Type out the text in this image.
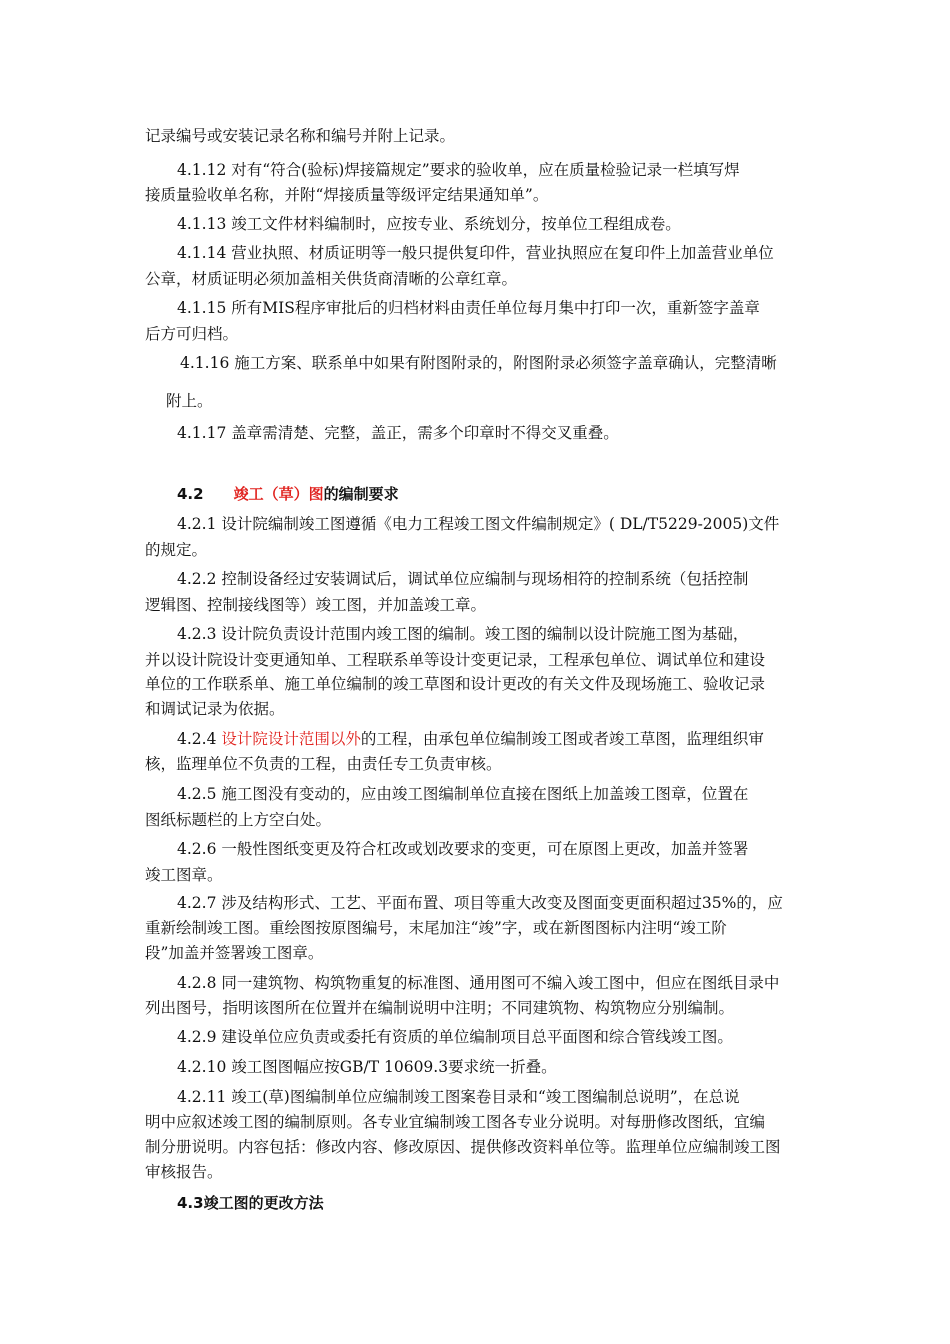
记录编号或安装记录名称和编号并附上记录。
4.1.12 对有“符合(验标)焊接篇规定”要求的验收单，应在质量检验记录一栏填写焊
接质量验收单名称，并附“焊接质量等级评定结果通知单”。
4.1.13 竣工文件材料编制时，应按专业、系统划分，按单位工程组成卷。
4.1.14 营业执照、材质证明等一般只提供复印件，营业执照应在复印件上加盖营业单位
公章，材质证明必须加盖相关供货商清晰的公章红章。
4.1.15 所有MIS程序审批后的归档材料由责任单位每月集中打印一次，重新签字盖章
后方可归档。
4.1.16 施工方案、联系单中如果有附图附录的，附图附录必须签字盖章确认，完整清晰
附上。
4.1.17 盖章需清楚、完整，盖正，需多个印章时不得交叉重叠。
4.2 竣工（草）图的编制要求
4.2.1 设计院编制竣工图遵循《电力工程竣工图文件编制规定》( DL/T5229-2005)文件
的规定。
4.2.2 控制设备经过安装调试后，调试单位应编制与现场相符的控制系统（包括控制
逻辑图、控制接线图等）竣工图，并加盖竣工章。
4.2.3 设计院负责设计范围内竣工图的编制。竣工图的编制以设计院施工图为基础，
并以设计院设计变更通知单、工程联系单等设计变更记录，工程承包单位、调试单位和建设
单位的工作联系单、施工单位编制的竣工草图和设计更改的有关文件及现场施工、验收记录
和调试记录为依据。
4.2.4 设计院设计范围以外的工程，由承包单位编制竣工图或者竣工草图，监理组织审
核，监理单位不负责的工程，由责任专工负责审核。
4.2.5 施工图没有变动的，应由竣工图编制单位直接在图纸上加盖竣工图章，位置在
图纸标题栏的上方空白处。
4.2.6 一般性图纸变更及符合杠改或划改要求的变更，可在原图上更改，加盖并签署
竣工图章。
4.2.7 涉及结构形式、工艺、平面布置、项目等重大改变及图面变更面积超过35%的，应
重新绘制竣工图。重绘图按原图编号，末尾加注“竣”字，或在新图图标内注明“竣工阶
段”加盖并签署竣工图章。
4.2.8 同一建筑物、构筑物重复的标准图、通用图可不编入竣工图中，但应在图纸目录中
列出图号，指明该图所在位置并在编制说明中注明；不同建筑物、构筑物应分别编制。
4.2.9 建设单位应负责或委托有资质的单位编制项目总平面图和综合管线竣工图。
4.2.10 竣工图图幅应按GB/T 10609.3要求统一折叠。
4.2.11 竣工(草)图编制单位应编制竣工图案卷目录和“竣工图编制总说明”，在总说
明中应叙述竣工图的编制原则。各专业宜编制竣工图各专业分说明。对每册修改图纸，宜编
制分册说明。内容包括：修改内容、修改原因、提供修改资料单位等。监理单位应编制竣工图
审核报告。
4.3竣工图的更改方法
